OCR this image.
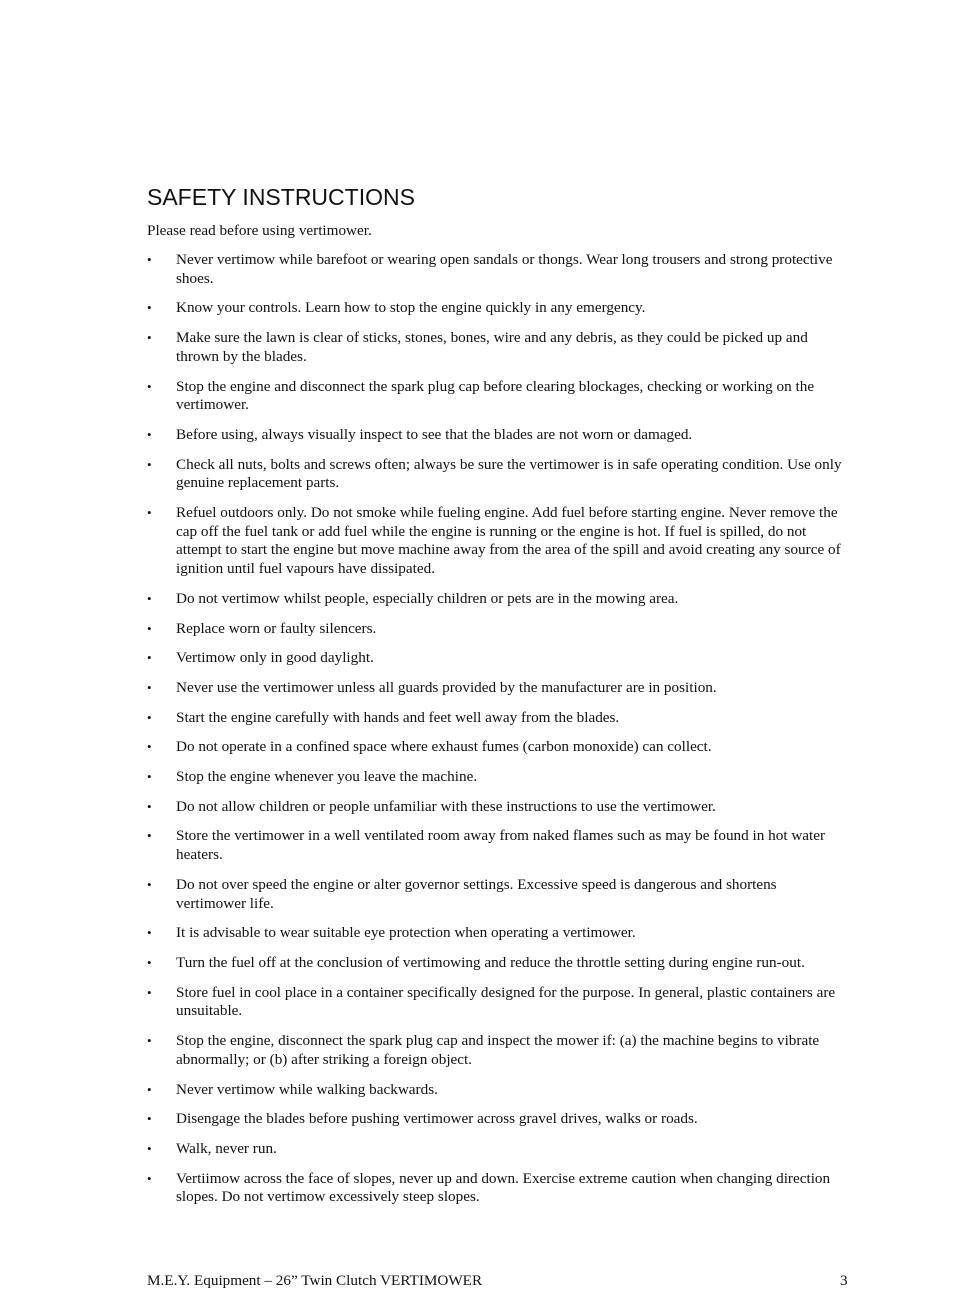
SAFETY INSTRUCTIONS

Please read before using vertimower.

• Never vertimow while barefoot or wearing open sandals or thongs. Wear long trousers and strong protective shoes.
• Know your controls. Learn how to stop the engine quickly in any emergency.
• Make sure the lawn is clear of sticks, stones, bones, wire and any debris, as they could be picked up and thrown by the blades.
• Stop the engine and disconnect the spark plug cap before clearing blockages, checking or working on the vertimower.
• Before using, always visually inspect to see that the blades are not worn or damaged.
• Check all nuts, bolts and screws often; always be sure the vertimower is in safe operating condition. Use only genuine replacement parts.
• Refuel outdoors only. Do not smoke while fueling engine. Add fuel before starting engine. Never remove the cap off the fuel tank or add fuel while the engine is running or the engine is hot. If fuel is spilled, do not attempt to start the engine but move machine away from the area of the spill and avoid creating any source of ignition until fuel vapours have dissipated.
• Do not vertimow whilst people, especially children or pets are in the mowing area.
• Replace worn or faulty silencers.
• Vertimow only in good daylight.
• Never use the vertimower unless all guards provided by the manufacturer are in position.
• Start the engine carefully with hands and feet well away from the blades.
• Do not operate in a confined space where exhaust fumes (carbon monoxide) can collect.
• Stop the engine whenever you leave the machine.
• Do not allow children or people unfamiliar with these instructions to use the vertimower.
• Store the vertimower in a well ventilated room away from naked flames such as may be found in hot water heaters.
• Do not over speed the engine or alter governor settings. Excessive speed is dangerous and shortens vertimower life.
• It is advisable to wear suitable eye protection when operating a vertimower.
• Turn the fuel off at the conclusion of vertimowing and reduce the throttle setting during engine run-out.
• Store fuel in cool place in a container specifically designed for the purpose. In general, plastic containers are unsuitable.
• Stop the engine, disconnect the spark plug cap and inspect the mower if: (a) the machine begins to vibrate abnormally; or (b) after striking a foreign object.
• Never vertimow while walking backwards.
• Disengage the blades before pushing vertimower across gravel drives, walks or roads.
• Walk, never run.
• Vertiimow across the face of slopes, never up and down. Exercise extreme caution when changing direction slopes. Do not vertimow excessively steep slopes.

M.E.Y. Equipment – 26” Twin Clutch VERTIMOWER	3
